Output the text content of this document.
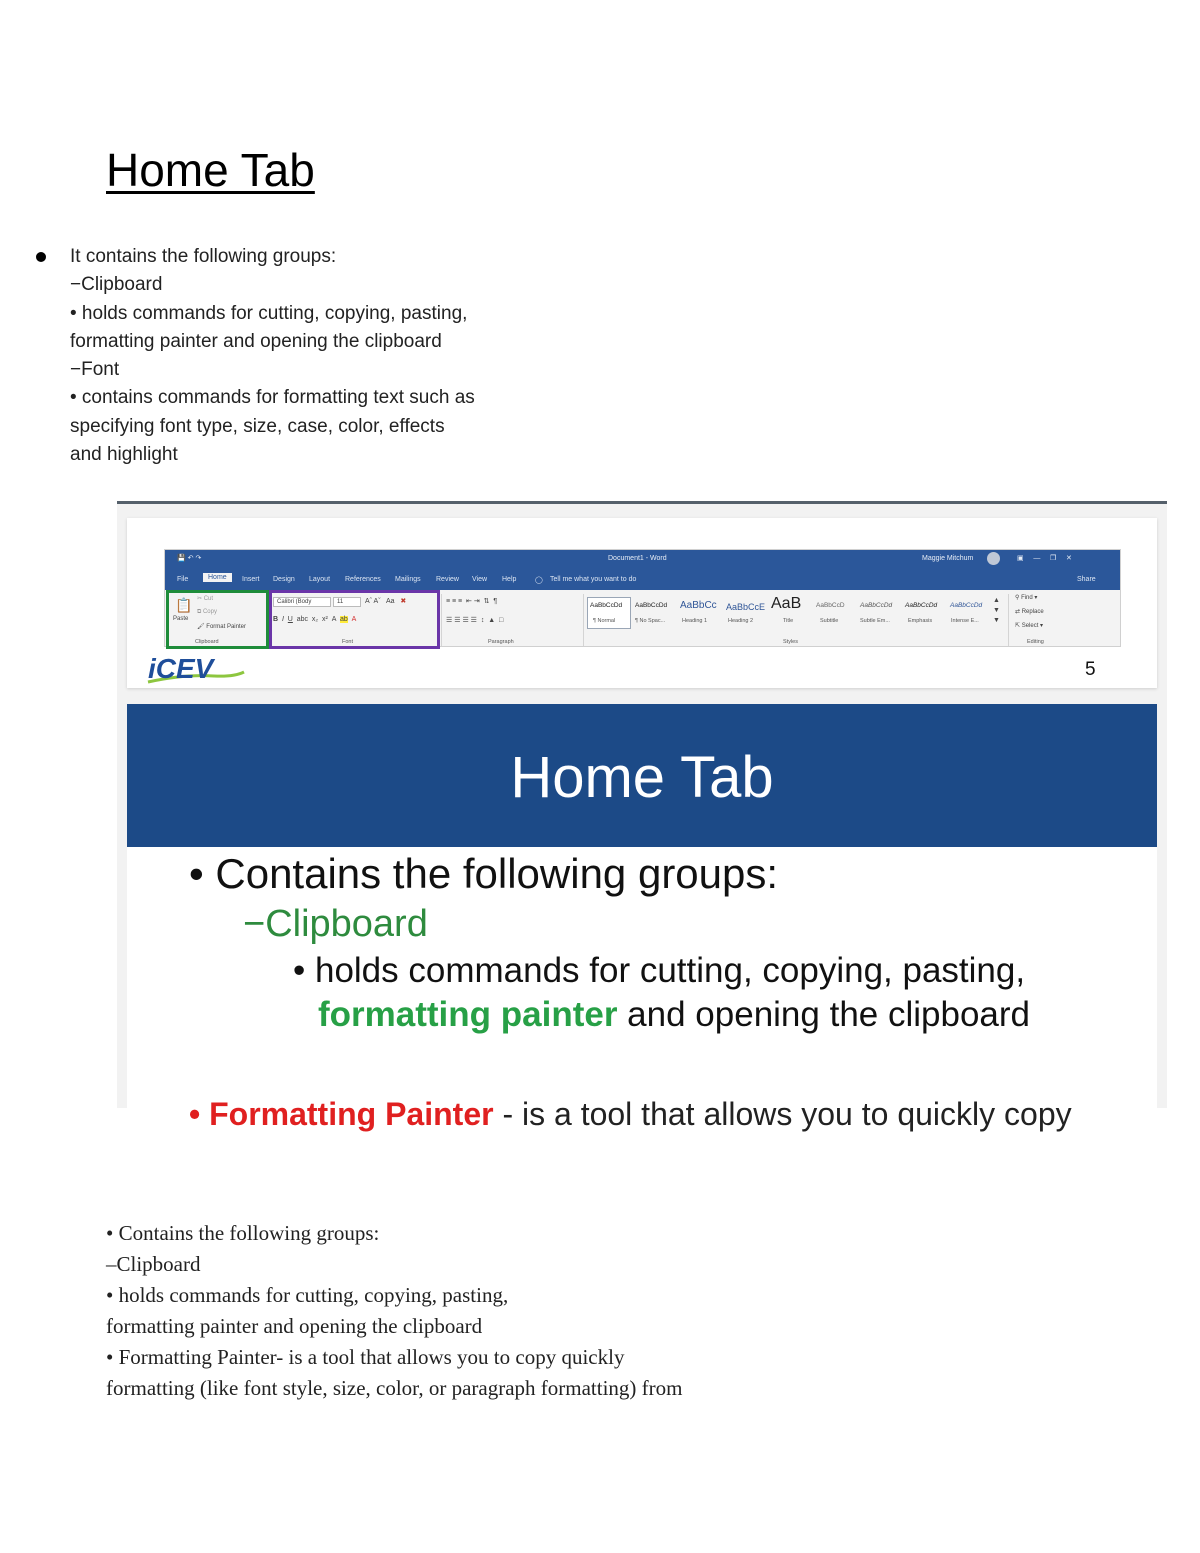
Home Tab
It contains the following groups:
−Clipboard
• holds commands for cutting, copying, pasting,
formatting painter and opening the clipboard
−Font
• contains commands for formatting text such as
specifying font type, size, case, color, effects
and highlight
💾 ↶ ↷	Document1 - Word	Maggie Mitchum	▣     —     ❐     ✕
File	Home	Insert Design Layout References Mailings Review View Help	◯ Tell me what you want to do	Share
📋
Paste
✂ Cut
⧉ Copy
🖌 Format Painter
Clipboard
Calibri (Body	11	Aˆ Aˇ   Aa   ✖
B I U  abc  x₂  x²  A  ab A
Font
≡ ≡ ≡  ⇤ ⇥  ⇅  ¶
☰ ☰ ☰ ☰  ↕  ▲  □
Paragraph
AaBbCcDd
¶ Normal
AaBbCcDd
¶ No Spac...
AaBbCc
Heading 1
AaBbCcE
Heading 2
AaB
Title
AaBbCcD
Subtitle
AaBbCcDd
Subtle Em...
AaBbCcDd
Emphasis
AaBbCcDd
Intense E...
▲
▼
▼
Styles
⚲ Find ▾
⇄ Replace
⇱ Select ▾
Editing
iCEV	5
Home Tab
• Contains the following groups:
−Clipboard
• holds commands for cutting, copying, pasting,
formatting painter and opening the clipboard
• Formatting Painter - is a tool that allows you to quickly copy
• Contains the following groups:
–Clipboard
• holds commands for cutting, copying, pasting,
formatting painter and opening the clipboard
• Formatting Painter- is a tool that allows you to copy quickly
formatting (like font style, size, color, or paragraph formatting) from
